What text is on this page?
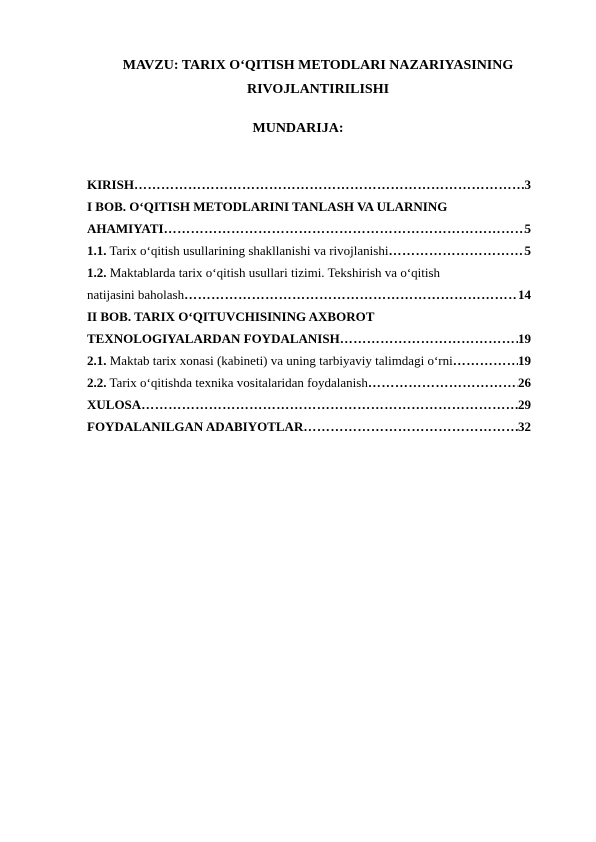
MAVZU: TARIX O‘QITISH METODLARI NAZARIYASINING
RIVOJLANTIRILISHI
MUNDARIJA:
KIRISH ……………………………………………………………………………………………………………………………………………………	3
I BOB. O‘QITISH METODLARINI TANLASH VA ULARNING
AHAMIYATI ……………………………………………………………………………………………………………………………………………………	5
1.1. Tarix o‘qitish usullarining shakllanishi va rivojlanishi ……………………………………………………………………………………………………………………………………………………	5
1.2. Maktablarda tarix o‘qitish usullari tizimi. Tekshirish va o‘qitish
natijasini baholash ……………………………………………………………………………………………………………………………………………………	14
II BOB. TARIX O‘QITUVCHISINING AXBOROT
TEXNOLOGIYALARDAN FOYDALANISH ……………………………………………………………………………………………………………………………………………………	19
2.1. Maktab tarix xonasi (kabineti) va uning tarbiyaviy talimdagi o‘rni ……………………………………………………………………………………………………………………………………………………	19
2.2. Tarix o‘qitishda texnika vositalaridan foydalanish ……………………………………………………………………………………………………………………………………………………	26
XULOSA ……………………………………………………………………………………………………………………………………………………	29
FOYDALANILGAN ADABIYOTLAR ……………………………………………………………………………………………………………………………………………………	32
